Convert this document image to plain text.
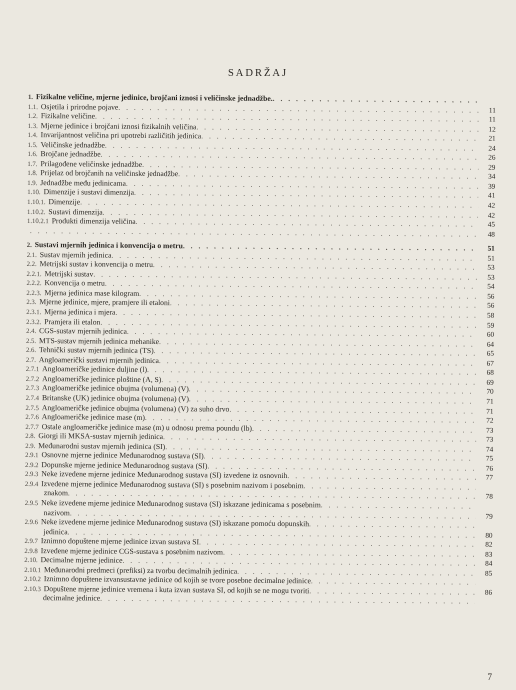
SADRŽAJ
1. Fizikalne veličine, mjerne jedinice, brojčani iznosi i veličinske jednadžbe.
. . .
1.1. Osjetila i prirodne pojave . . .	11
1.2. Fizikalne veličine . . .	11
1.3. Mjerne jedinice i brojčani iznosi fizikalnih veličina . . .	12
1.4. Invarijantnost veličina pri upotrebi različitih jedinica . . .	21
1.5. Veličinske jednadžbe . . .	24
1.6. Brojčane jednadžbe . . .	26
1.7. Prilagođene veličinske jednadžbe . . .	29
1.8. Prijelaz od brojčanih na veličinske jednadžbe . . .	34
1.9. Jednadžbe među jedinicama . . .	39
1.10. Dimenzije i sustavi dimenzija . . .	41
1.10.1. Dimenzije . . .	42
1.10.2. Sustavi dimenzija . . .	42
1.10.2.1 Produkti dimenzija veličina . . .	45
. . .
48
2. Sustavi mjernih jedinica i konvencija o metru . . .	51
2.1. Sustav mjernih jedinica . . .	51
2.2. Metrijski sustav i konvencija o metru . . .	53
2.2.1. Metrijski sustav . . .	53
2.2.2. Konvencija o metru . . .	54
2.2.3. Mjerna jedinica mase kilogram . . .	56
2.3. Mjerne jedinice, mjere, pramjere ili etaloni . . .	56
2.3.1. Mjerna jedinica i mjera . . .	58
2.3.2. Pramjera ili etalon . . .	59
2.4. CGS-sustav mjernih jedinica . . .	60
2.5. MTS-sustav mjernih jedinica mehanike . . .	64
2.6. Tehnički sustav mjernih jedinica (TS) . . .	65
2.7. Angloamerički sustavi mjernih jedinica . . .	67
2.7.1 Angloameričke jedinice duljine (l) . . .	68
2.7.2 Angloameričke jedinice ploštine (A, S) . . .	69
2.7.3 Angloameričke jedinice obujma (volumena) (V) . . .	70
2.7.4 Britanske (UK) jedinice obujma (volumena) (V) . . .	71
2.7.5 Angloameričke jedinice obujma (volumena) (V) za suho drvo . . .	71
2.7.6 Angloameričke jedinice mase (m) . . .	72
2.7.7 Ostale angloameričke jedinice mase (m) u odnosu prema poundu (lb) . . .	73
2.8. Giorgi ili MKSA-sustav mjernih jedinica . . .	73
2.9. Međunarodni sustav mjernih jedinica (SI) . . .	74
2.9.1 Osnovne mjerne jedinice Međunarodnog sustava (SI) . . .	75
2.9.2 Dopunske mjerne jedinice Međunarodnog sustava (SI) . . .	76
2.9.3 Neke izvedene mjerne jedinice Međunarodnog sustava (SI) izvedene iz osnovnih . . .	77
2.9.4 Izvedene mjerne jedinice Međunarodnog sustava (SI) s posebnim nazivom i posebnim
. . .
znakom . . .	78
2.9.5 Neke izvedene mjerne jedinice Međunarodnog sustava (SI) iskazane jedinicama s posebnim
. . .
nazivom . . .	79
2.9.6 Neke izvedene mjerne jedinice Međunarodnog sustava (SI) iskazane pomoću dopunskih
. . .
jedinica . . .	80
2.9.7 Iznimno dopuštene mjerne jedinice izvan sustava SI . . .	82
2.9.8 Izvedene mjerne jedinice CGS-sustava s posebnim nazivom . . .	83
2.10. Decimalne mjerne jedinice . . .	84
2.10.1 Međunarodni predmeci (prefiksi) za tvorbu decimalnih jedinica . . .	85
2.10.2 Iznimno dopuštene izvansustavne jedinice od kojih se tvore posebne decimalne jedinice
. . .
2.10.3 Dopuštene mjerne jedinice vremena i kuta izvan sustava SI, od kojih se ne mogu tvoriti . . .	86
decimalne jedinice
. . .
7
